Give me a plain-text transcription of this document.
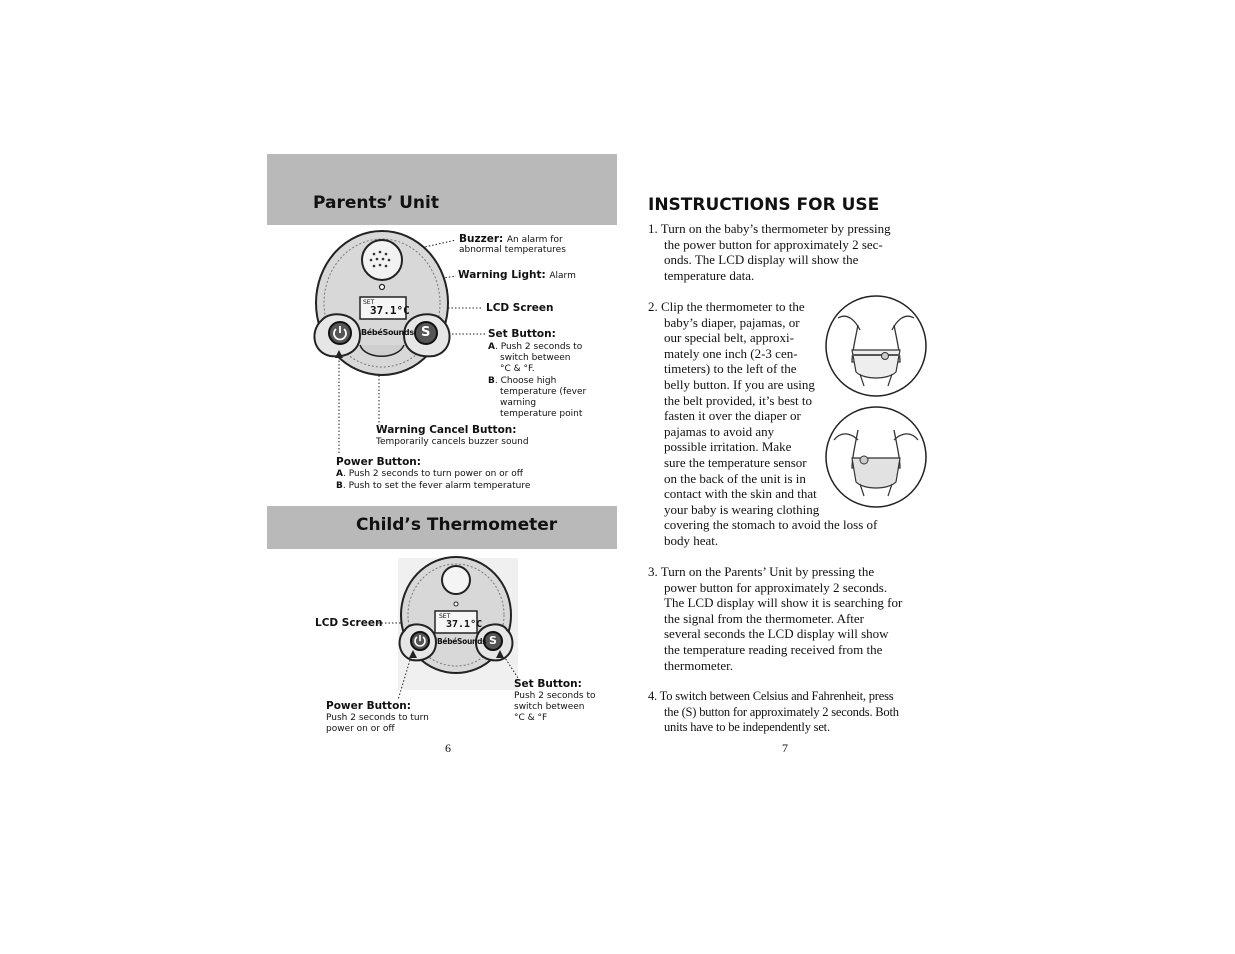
Parents’ Unit
SET
37.1°C
BébéSounds S
Buzzer: An alarm for
abnormal temperatures
Warning Light: Alarm
LCD Screen
Set Button:
A. Push 2 seconds to
switch between
°C & °F.
B. Choose high
temperature (fever
warning
temperature point
Warning Cancel Button:
Temporarily cancels buzzer sound
Power Button:
A. Push 2 seconds to turn power on or off
B. Push to set the fever alarm temperature
Child’s Thermometer
SET
37.1°C
BébéSounds S
LCD Screen
Set Button:
Push 2 seconds to
switch between
°C & °F
Power Button:
Push 2 seconds to turn
power on or off
6
INSTRUCTIONS FOR USE
1. Turn on the baby’s thermometer by pressing
the power button for approximately 2 sec-
onds. The LCD display will show the
temperature data.
2. Clip the thermometer to the
baby’s diaper, pajamas, or
our special belt, approxi-
mately one inch (2-3 cen-
timeters) to the left of the
belly button. If you are using
the belt provided, it’s best to
fasten it over the diaper or
pajamas to avoid any
possible irritation. Make
sure the temperature sensor
on the back of the unit is in
contact with the skin and that
your baby is wearing clothing
covering the stomach to avoid the loss of
body heat.
3. Turn on the Parents’ Unit by pressing the
power button for approximately 2 seconds.
The LCD display will show it is searching for
the signal from the thermometer. After
several seconds the LCD display will show
the temperature reading received from the
thermometer.
4. To switch between Celsius and Fahrenheit, press
the (S) button for approximately 2 seconds. Both
units have to be independently set.
7
